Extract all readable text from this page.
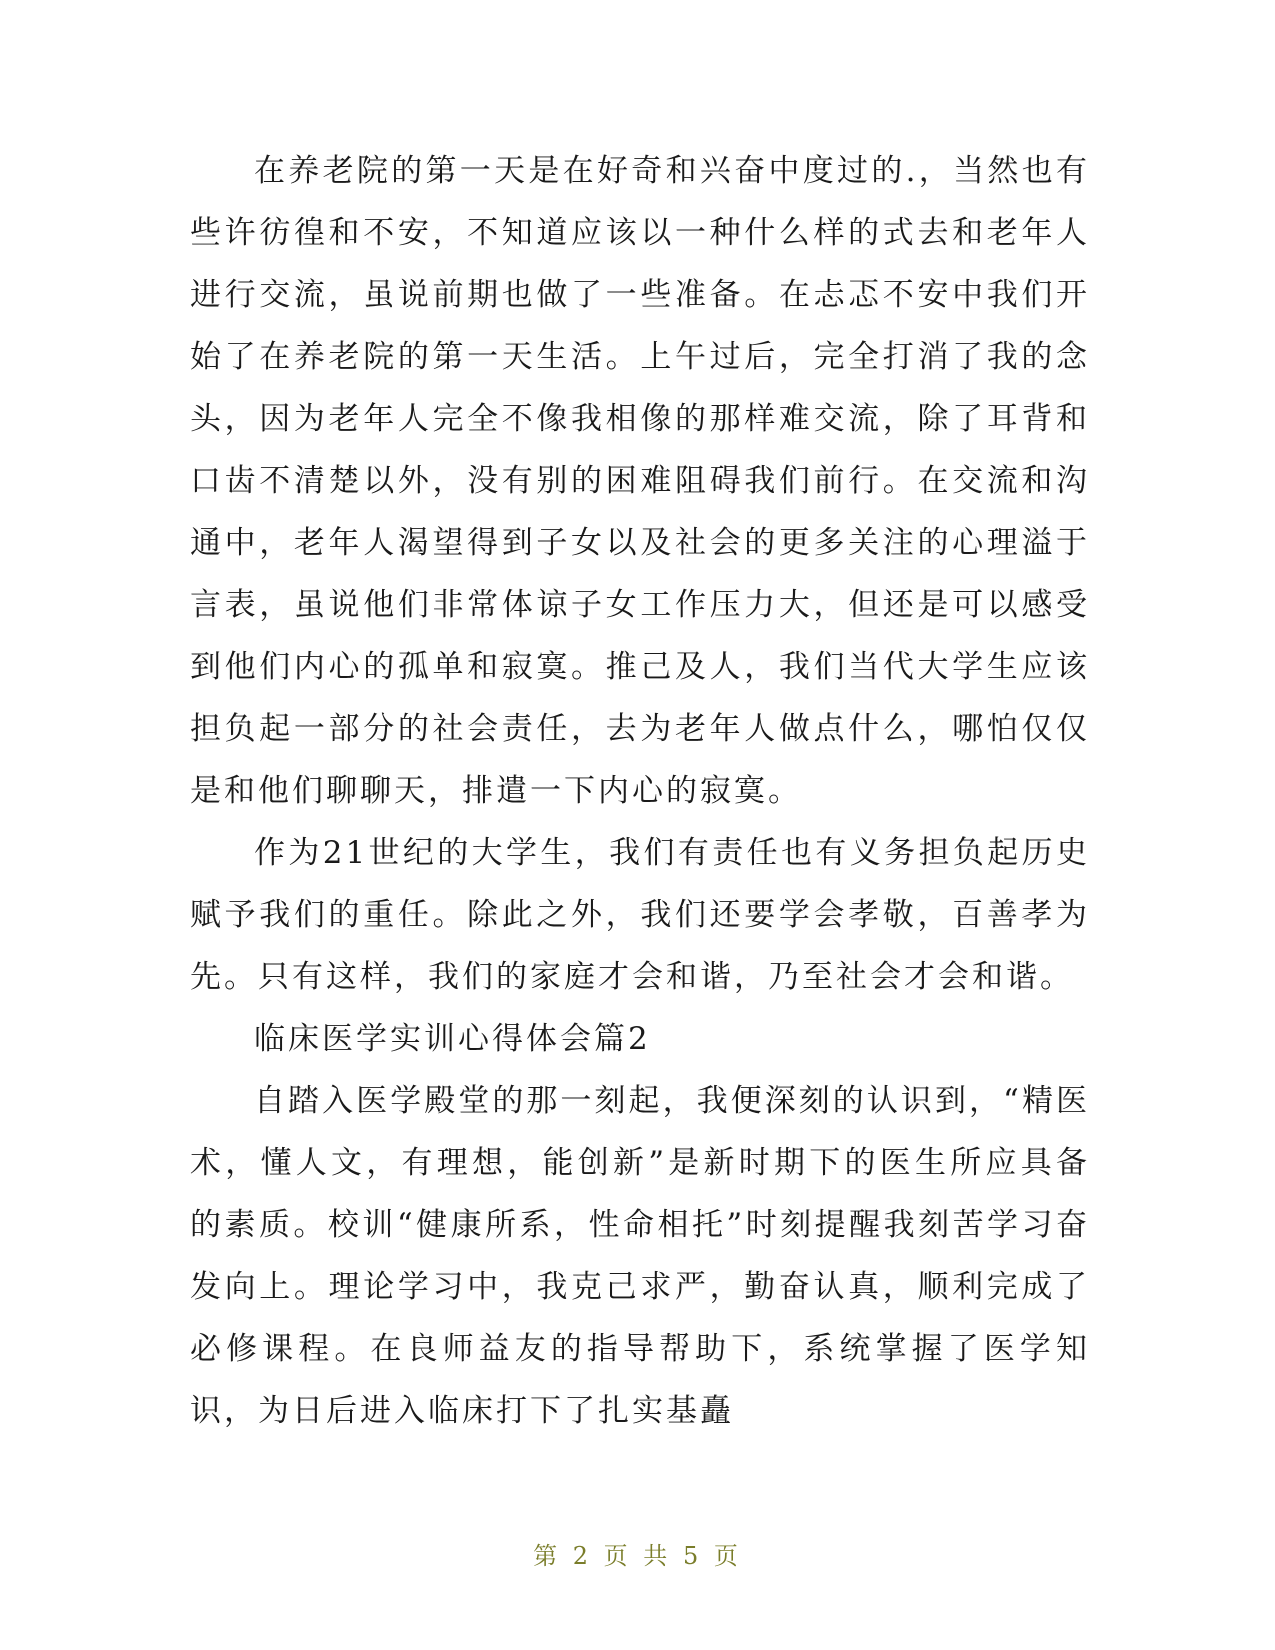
在养老院的第一天是在好奇和兴奋中度过的.，当然也有些许彷徨和不安，不知道应该以一种什么样的式去和老年人进行交流，虽说前期也做了一些准备。在忐忑不安中我们开始了在养老院的第一天生活。上午过后，完全打消了我的念头，因为老年人完全不像我相像的那样难交流，除了耳背和口齿不清楚以外，没有别的困难阻碍我们前行。在交流和沟通中，老年人渴望得到子女以及社会的更多关注的心理溢于言表，虽说他们非常体谅子女工作压力大，但还是可以感受到他们内心的孤单和寂寞。推己及人，我们当代大学生应该担负起一部分的社会责任，去为老年人做点什么，哪怕仅仅是和他们聊聊天，排遣一下内心的寂寞。

作为21世纪的大学生，我们有责任也有义务担负起历史赋予我们的重任。除此之外，我们还要学会孝敬，百善孝为先。只有这样，我们的家庭才会和谐，乃至社会才会和谐。

临床医学实训心得体会篇2

自踏入医学殿堂的那一刻起，我便深刻的认识到，“精医术，懂人文，有理想，能创新”是新时期下的医生所应具备的素质。校训“健康所系，性命相托”时刻提醒我刻苦学习奋发向上。理论学习中，我克己求严，勤奋认真，顺利完成了必修课程。在良师益友的指导帮助下，系统掌握了医学知识，为日后进入临床打下了扎实基矗

第 2 页 共 5 页
